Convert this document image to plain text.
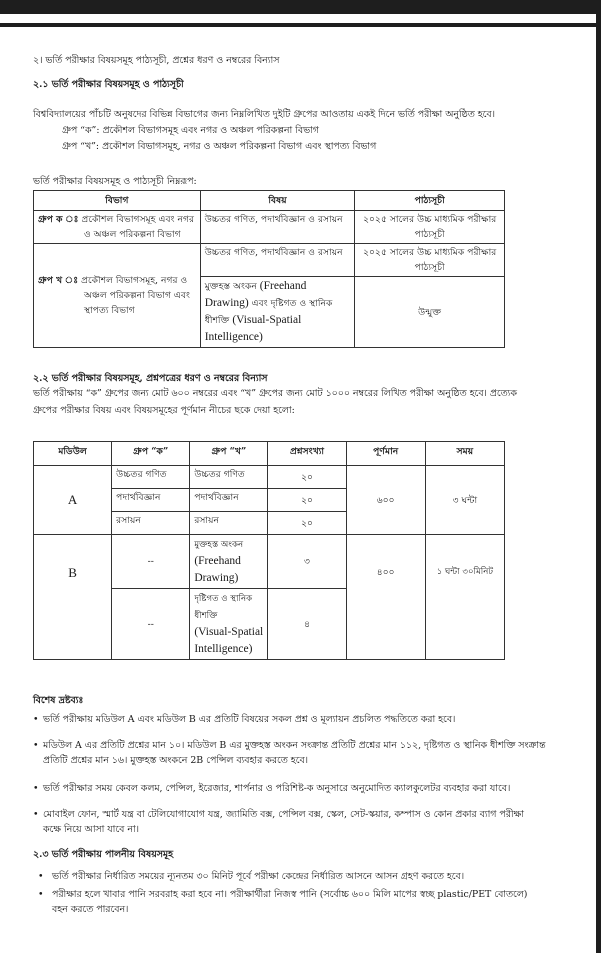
২। ভর্তি পরীক্ষার বিষয়সমূহ পাঠ্যসূচী, প্রশ্নের ধরণ ও নম্বরের বিন্যাস
২.১ ভর্তি পরীক্ষার বিষয়সমূহ ও পাঠ্যসূচী
বিশ্ববিদ্যালয়ের পাঁচটি অনুষদের বিভিন্ন বিভাগের জন্য নিম্নলিখিত দুইটি গ্রুপের আওতায় একই দিনে ভর্তি পরীক্ষা অনুষ্ঠিত হবে।
গ্রুপ “ক”: প্রকৌশল বিভাগসমূহ এবং নগর ও অঞ্চল পরিকল্পনা বিভাগ
গ্রুপ “খ”: প্রকৌশল বিভাগসমূহ, নগর ও অঞ্চল পরিকল্পনা বিভাগ এবং স্থাপত্য বিভাগ
ভর্তি পরীক্ষার বিষয়সমূহ ও পাঠ্যসূচী নিম্নরূপ:
বিভাগ	বিষয়	পাঠ্যসূচী
গ্রুপ ক ঃ প্রকৌশল বিভাগসমূহ এবং নগর
ও অঞ্চল পরিকল্পনা বিভাগ	উচ্চতর গণিত, পদার্থবিজ্ঞান ও রসায়ন	২০২৫ সালের উচ্চ মাধ্যমিক পরীক্ষার পাঠ্যসূচী
গ্রুপ খ ঃ প্রকৌশল বিভাগসমূহ, নগর ও
অঞ্চল পরিকল্পনা বিভাগ এবং
স্থাপত্য বিভাগ	উচ্চতর গণিত, পদার্থবিজ্ঞান ও রসায়ন	২০২৫ সালের উচ্চ মাধ্যমিক পরীক্ষার পাঠ্যসূচী
	মুক্তহস্ত অংকন (Freehand Drawing) এবং দৃষ্টিগত ও স্থানিক ধীশক্তি (Visual-Spatial Intelligence)	উন্মুক্ত
২.২ ভর্তি পরীক্ষার বিষয়সমূহ, প্রশ্নপত্রের ধরণ ও নম্বরের বিন্যাস
ভর্তি পরীক্ষায় “ক” গ্রুপের জন্য মোট ৬০০ নম্বরের এবং “খ” গ্রুপের জন্য মোট ১০০০ নম্বরের লিখিত পরীক্ষা অনুষ্ঠিত হবে। প্রত্যেক
গ্রুপের পরীক্ষার বিষয় এবং বিষয়সমূহের পূর্ণমান নীচের ছকে দেয়া হলো:
মডিউল	গ্রুপ “ক”	গ্রুপ “খ”	প্রশ্নসংখ্যা	পূর্ণমান	সময়
A	উচ্চতর গণিত	উচ্চতর গণিত	২০	৬০০	৩ ঘন্টা
	পদার্থবিজ্ঞান	পদার্থবিজ্ঞান	২০		
	রসায়ন	রসায়ন	২০		
B	--	মুক্তহস্ত অংকন
(Freehand Drawing)	৩	৪০০	১ ঘন্টা ৩০মিনিট
	--	দৃষ্টিগত ও স্থানিক ধীশক্তি
(Visual-Spatial Intelligence)	৪		
বিশেষ দ্রষ্টব্যঃ
• ভর্তি পরীক্ষায় মডিউল A এবং মডিউল B এর প্রতিটি বিষয়ের সকল প্রশ্ন ও মূল্যায়ন প্রচলিত পদ্ধতিতে করা হবে।
• মডিউল A এর প্রতিটি প্রশ্নের মান ১০। মডিউল B এর মুক্তহস্ত অংকন সংক্রান্ত প্রতিটি প্রশ্নের মান ১১২, দৃষ্টিগত ও স্থানিক ধীশক্তি সংক্রান্ত
প্রতিটি প্রশ্নের মান ১৬। মুক্তহস্ত অংকনে 2B পেন্সিল ব্যবহার করতে হবে।
• ভর্তি পরীক্ষার সময় কেবল কলম, পেন্সিল, ইরেজার, শার্পনার ও পরিশিষ্ট-ক অনুসারে অনুমোদিত ক্যালকুলেটর ব্যবহার করা যাবে।
• মোবাইল ফোন, স্মার্ট যন্ত্র বা টেলিযোগাযোগ যন্ত্র, জ্যামিতি বক্স, পেন্সিল বক্স, স্কেল, সেট-স্কয়ার, কম্পাস ও কোন প্রকার ব্যাগ পরীক্ষা
কক্ষে নিয়ে আসা যাবে না।
২.৩ ভর্তি পরীক্ষায় পালনীয় বিষয়সমূহ
• ভর্তি পরীক্ষার নির্ধারিত সময়ের ন্যূনতম ৩০ মিনিট পূর্বে পরীক্ষা কেন্দ্রের নির্ধারিত আসনে আসন গ্রহণ করতে হবে।
• পরীক্ষার হলে খাবার পানি সরবরাহ করা হবে না। পরীক্ষার্থীরা নিজস্ব পানি (সর্বোচ্চ ৬০০ মিলি মাপের স্বচ্ছ plastic/PET বোতলে)
বহন করতে পারবেন।
